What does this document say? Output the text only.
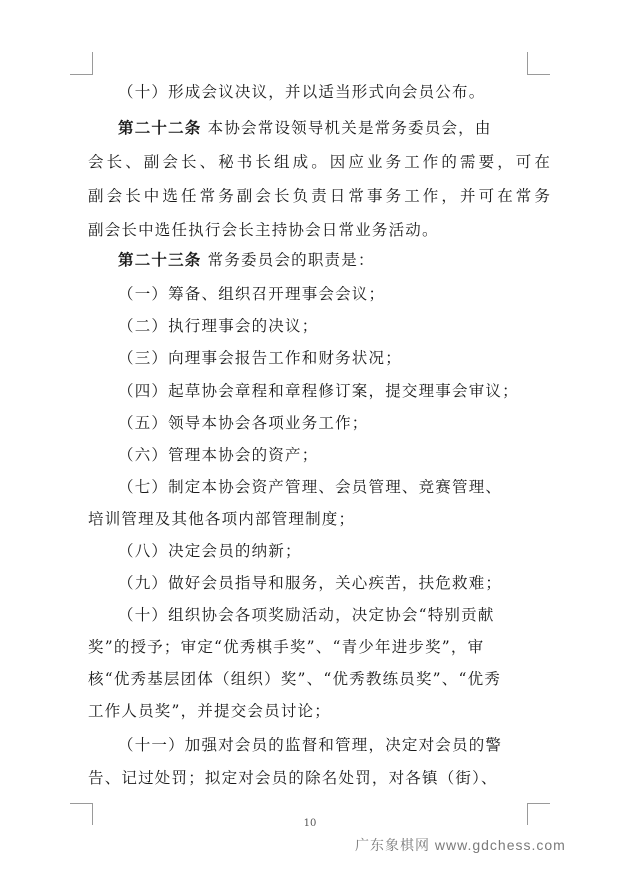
（十）形成会议决议，并以适当形式向会员公布。
第二十二条 本协会常设领导机关是常务委员会，由
会长、副会长、秘书长组成。因应业务工作的需要，可在
副会长中选任常务副会长负责日常事务工作，并可在常务
副会长中选任执行会长主持协会日常业务活动。
第二十三条 常务委员会的职责是：
（一）筹备、组织召开理事会会议；
（二）执行理事会的决议；
（三）向理事会报告工作和财务状况；
（四）起草协会章程和章程修订案，提交理事会审议；
（五）领导本协会各项业务工作；
（六）管理本协会的资产；
（七）制定本协会资产管理、会员管理、竞赛管理、
培训管理及其他各项内部管理制度；
（八）决定会员的纳新；
（九）做好会员指导和服务，关心疾苦，扶危救难；
（十）组织协会各项奖励活动，决定协会“特别贡献
奖”的授予；审定“优秀棋手奖”、“青少年进步奖”，审
核“优秀基层团体（组织）奖”、“优秀教练员奖”、“优秀
工作人员奖”，并提交会员讨论；
（十一）加强对会员的监督和管理，决定对会员的警
告、记过处罚；拟定对会员的除名处罚，对各镇（街）、
10
广东象棋网 www.gdchess.com
